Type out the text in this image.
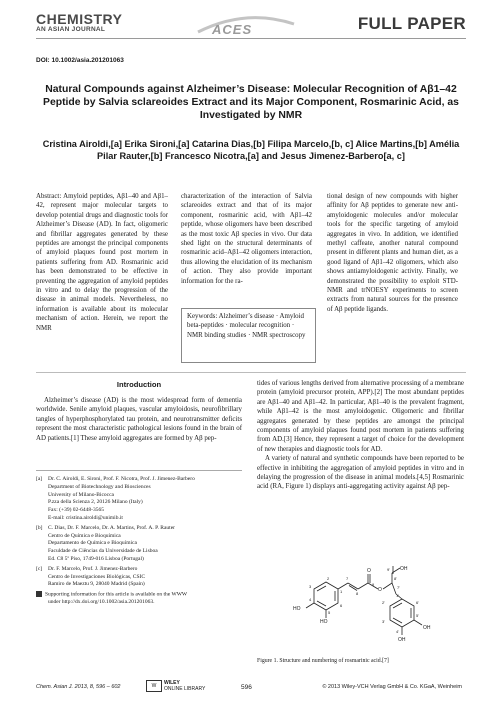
CHEMISTRY
AN ASIAN JOURNAL	ACES	FULL PAPER
DOI: 10.1002/asia.201201063
Natural Compounds against Alzheimer’s Disease: Molecular Recognition of Aβ1–42 Peptide by Salvia sclareoides Extract and its Major Component, Rosmarinic Acid, as Investigated by NMR
Cristina Airoldi,[a] Erika Sironi,[a] Catarina Dias,[b] Filipa Marcelo,[b, c] Alice Martins,[b] Amélia Pilar Rauter,[b] Francesco Nicotra,[a] and Jesus Jimenez-Barbero[a, c]
Abstract: Amyloid peptides, Aβ1–40 and Aβ1–42, represent major molecular targets to develop potential drugs and diagnostic tools for Alzheimer’s Disease (AD). In fact, oligomeric and fibrillar aggregates generated by these peptides are amongst the principal components of amyloid plaques found post mortem in patients suffering from AD. Rosmarinic acid has been demonstrated to be effective in preventing the aggregation of amyloid peptides in vitro and to delay the progression of the disease in animal models. Nevertheless, no information is available about its molecular mechanism of action. Herein, we report the NMR
characterization of the interaction of Salvia sclareoides extract and that of its major component, rosmarinic acid, with Aβ1–42 peptide, whose oligomers have been described as the most toxic Aβ species in vivo. Our data shed light on the structural determinants of rosmarinic acid–Aβ1–42 oligomers interaction, thus allowing the elucidation of its mechanism of action. They also provide important information for the ra-
Keywords: Alzheimer’s disease · Amyloid beta-peptides · molecular recognition · NMR binding studies · NMR spectroscopy
tional design of new compounds with higher affinity for Aβ peptides to generate new anti-amyloidogenic molecules and/or molecular tools for the specific targeting of amyloid aggregates in vivo. In addition, we identified methyl caffeate, another natural compound present in different plants and human diet, as a good ligand of Aβ1–42 oligomers, which also shows antiamyloidogenic activity. Finally, we demonstrated the possibility to exploit STD-NMR and trNOESY experiments to screen extracts from natural sources for the presence of Aβ peptide ligands.
Introduction
Alzheimer’s disease (AD) is the most widespread form of dementia worldwide. Senile amyloid plaques, vascular amyloidosis, neurofibrillary tangles of hyperphosphorylated tau protein, and neurotransmitter deficits represent the most characteristic pathological lesions found in the brain of AD patients.[1] These amyloid aggregates are formed by Aβ pep-

tides of various lengths derived from alternative processing of a membrane protein (amyloid precursor protein, APP).[2] The most abundant peptides are Aβ1–40 and Aβ1–42. In particular, Aβ1–40 is the prevalent fragment, while Aβ1–42 is the most amyloidogenic. Oligomeric and fibrillar aggregates generated by these peptides are amongst the principal components of amyloid plaques found post mortem in patients suffering from AD.[3] Hence, they represent a target of choice for the development of new therapies and diagnostic tools for AD.

A variety of natural and synthetic compounds have been reported to be effective in inhibiting the aggregation of amyloid peptides in vitro and in delaying the progression of the disease in animal models.[4,5] Rosmarinic acid (RA, Figure 1) displays anti-aggregating activity against Aβ pep-

[a] Dr. C. Airoldi, E. Sironi, Prof. F. Nicotra, Prof. J. Jimenez-Barbero
Department of Biotechnology and Biosciences
University of Milano-Bicocca
P.zza della Scienza 2, 20126 Milano (Italy)
Fax: (+39) 02-6448-3565
E-mail: cristina.airoldi@unimib.it
[b] C. Dias, Dr. F. Marcelo, Dr. A. Martins, Prof. A. P. Rauter
Centro de Química e Bioquímica
Departamento de Química e Bioquímica
Faculdade de Ciências da Universidade de Lisboa
Ed. C8 5º Piso, 1749-016 Lisboa (Portugal)
[c] Dr. F. Marcelo, Prof. J. Jimenez-Barbero
Centro de Investigaciones Biológicas, CSIC
Ramiro de Maeztu 9, 28040 Madrid (Spain)
Supporting information for this article is available on the WWW
under http://dx.doi.org/10.1002/asia.201201063.
HO
HO
O
O
OH
OH
OH
1
2
3
4
5
6
7
8
9
1'
2'
3'
4'
5'
6'
7'
8'
9'
Figure 1. Structure and numbering of rosmarinic acid.[7]
Chem. Asian J. 2013, 8, 596 – 602	W WILEY
ONLINE LIBRARY	596	© 2013 Wiley-VCH Verlag GmbH & Co. KGaA, Weinheim
